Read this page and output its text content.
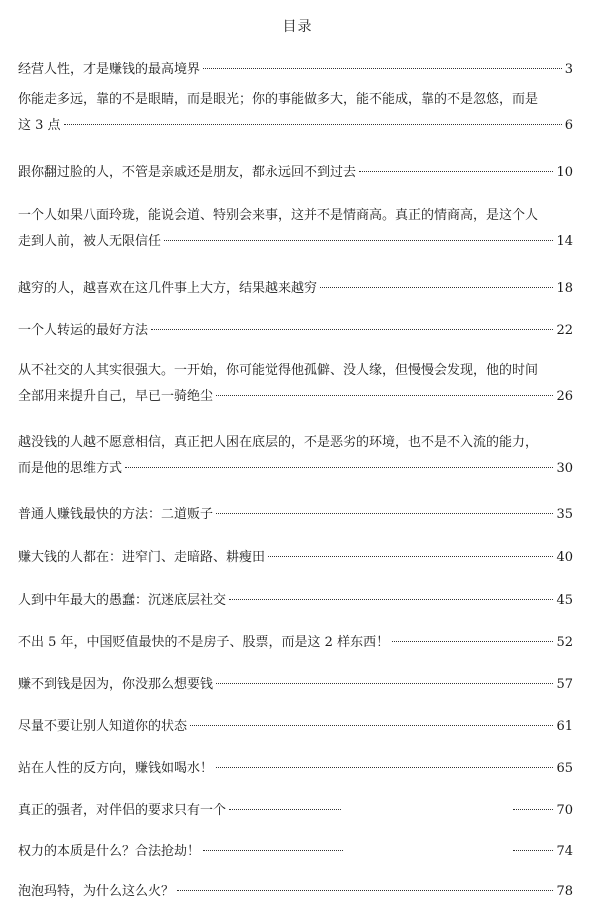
目录
经营人性，才是赚钱的最高境界	3
你能走多远，靠的不是眼睛，而是眼光；你的事能做多大，能不能成，靠的不是忽悠，而是
这 3 点	6
跟你翻过脸的人，不管是亲戚还是朋友，都永远回不到过去	10
一个人如果八面玲珑，能说会道、特别会来事，这并不是情商高。真正的情商高，是这个人
走到人前，被人无限信任	14
越穷的人，越喜欢在这几件事上大方，结果越来越穷	18
一个人转运的最好方法	22
从不社交的人其实很强大。一开始，你可能觉得他孤僻、没人缘，但慢慢会发现，他的时间
全部用来提升自己，早已一骑绝尘	26
越没钱的人越不愿意相信，真正把人困在底层的，不是恶劣的环境，也不是不入流的能力，
而是他的思维方式	30
普通人赚钱最快的方法：二道贩子	35
赚大钱的人都在：进窄门、走暗路、耕瘦田	40
人到中年最大的愚蠢：沉迷底层社交	45
不出 5 年，中国贬值最快的不是房子、股票，而是这 2 样东西！	52
赚不到钱是因为，你没那么想要钱	57
尽量不要让别人知道你的状态	61
站在人性的反方向，赚钱如喝水！	65
真正的强者，对伴侣的要求只有一个	70
权力的本质是什么？合法抢劫！	74
泡泡玛特，为什么这么火？	78
